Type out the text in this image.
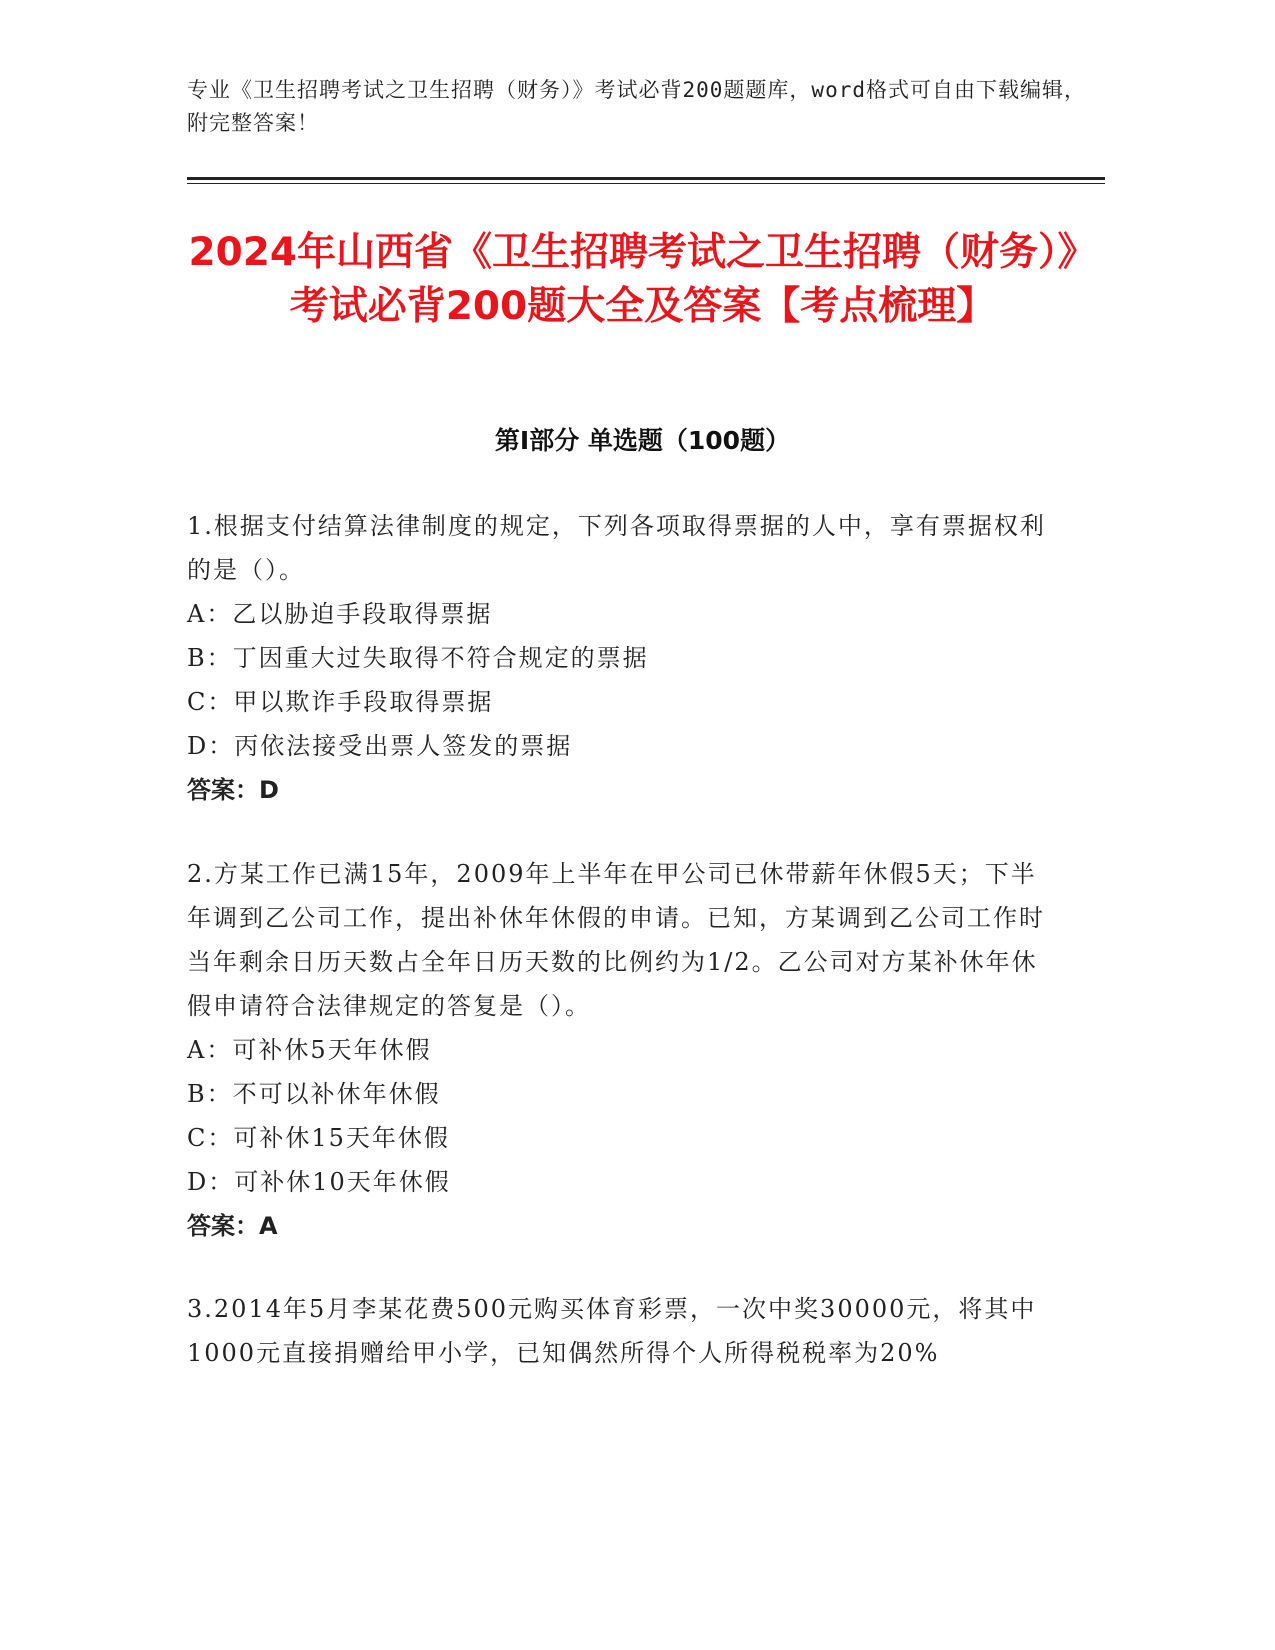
专业《卫生招聘考试之卫生招聘（财务）》考试必背200题题库，word格式可自由下载编辑，附完整答案！
2024年山西省《卫生招聘考试之卫生招聘（财务）》考试必背200题大全及答案【考点梳理】
第I部分 单选题（100题）

1.根据支付结算法律制度的规定，下列各项取得票据的人中，享有票据权利的是（）。

A：乙以胁迫手段取得票据

B：丁因重大过失取得不符合规定的票据

C：甲以欺诈手段取得票据

D：丙依法接受出票人签发的票据

答案：D

2.方某工作已满15年，2009年上半年在甲公司已休带薪年休假5天；下半年调到乙公司工作，提出补休年休假的申请。已知，方某调到乙公司工作时当年剩余日历天数占全年日历天数的比例约为1/2。乙公司对方某补休年休假申请符合法律规定的答复是（）。

A：可补休5天年休假

B：不可以补休年休假

C：可补休15天年休假

D：可补休10天年休假

答案：A

3.2014年5月李某花费500元购买体育彩票，一次中奖30000元，将其中1000元直接捐赠给甲小学，已知偶然所得个人所得税税率为20%
